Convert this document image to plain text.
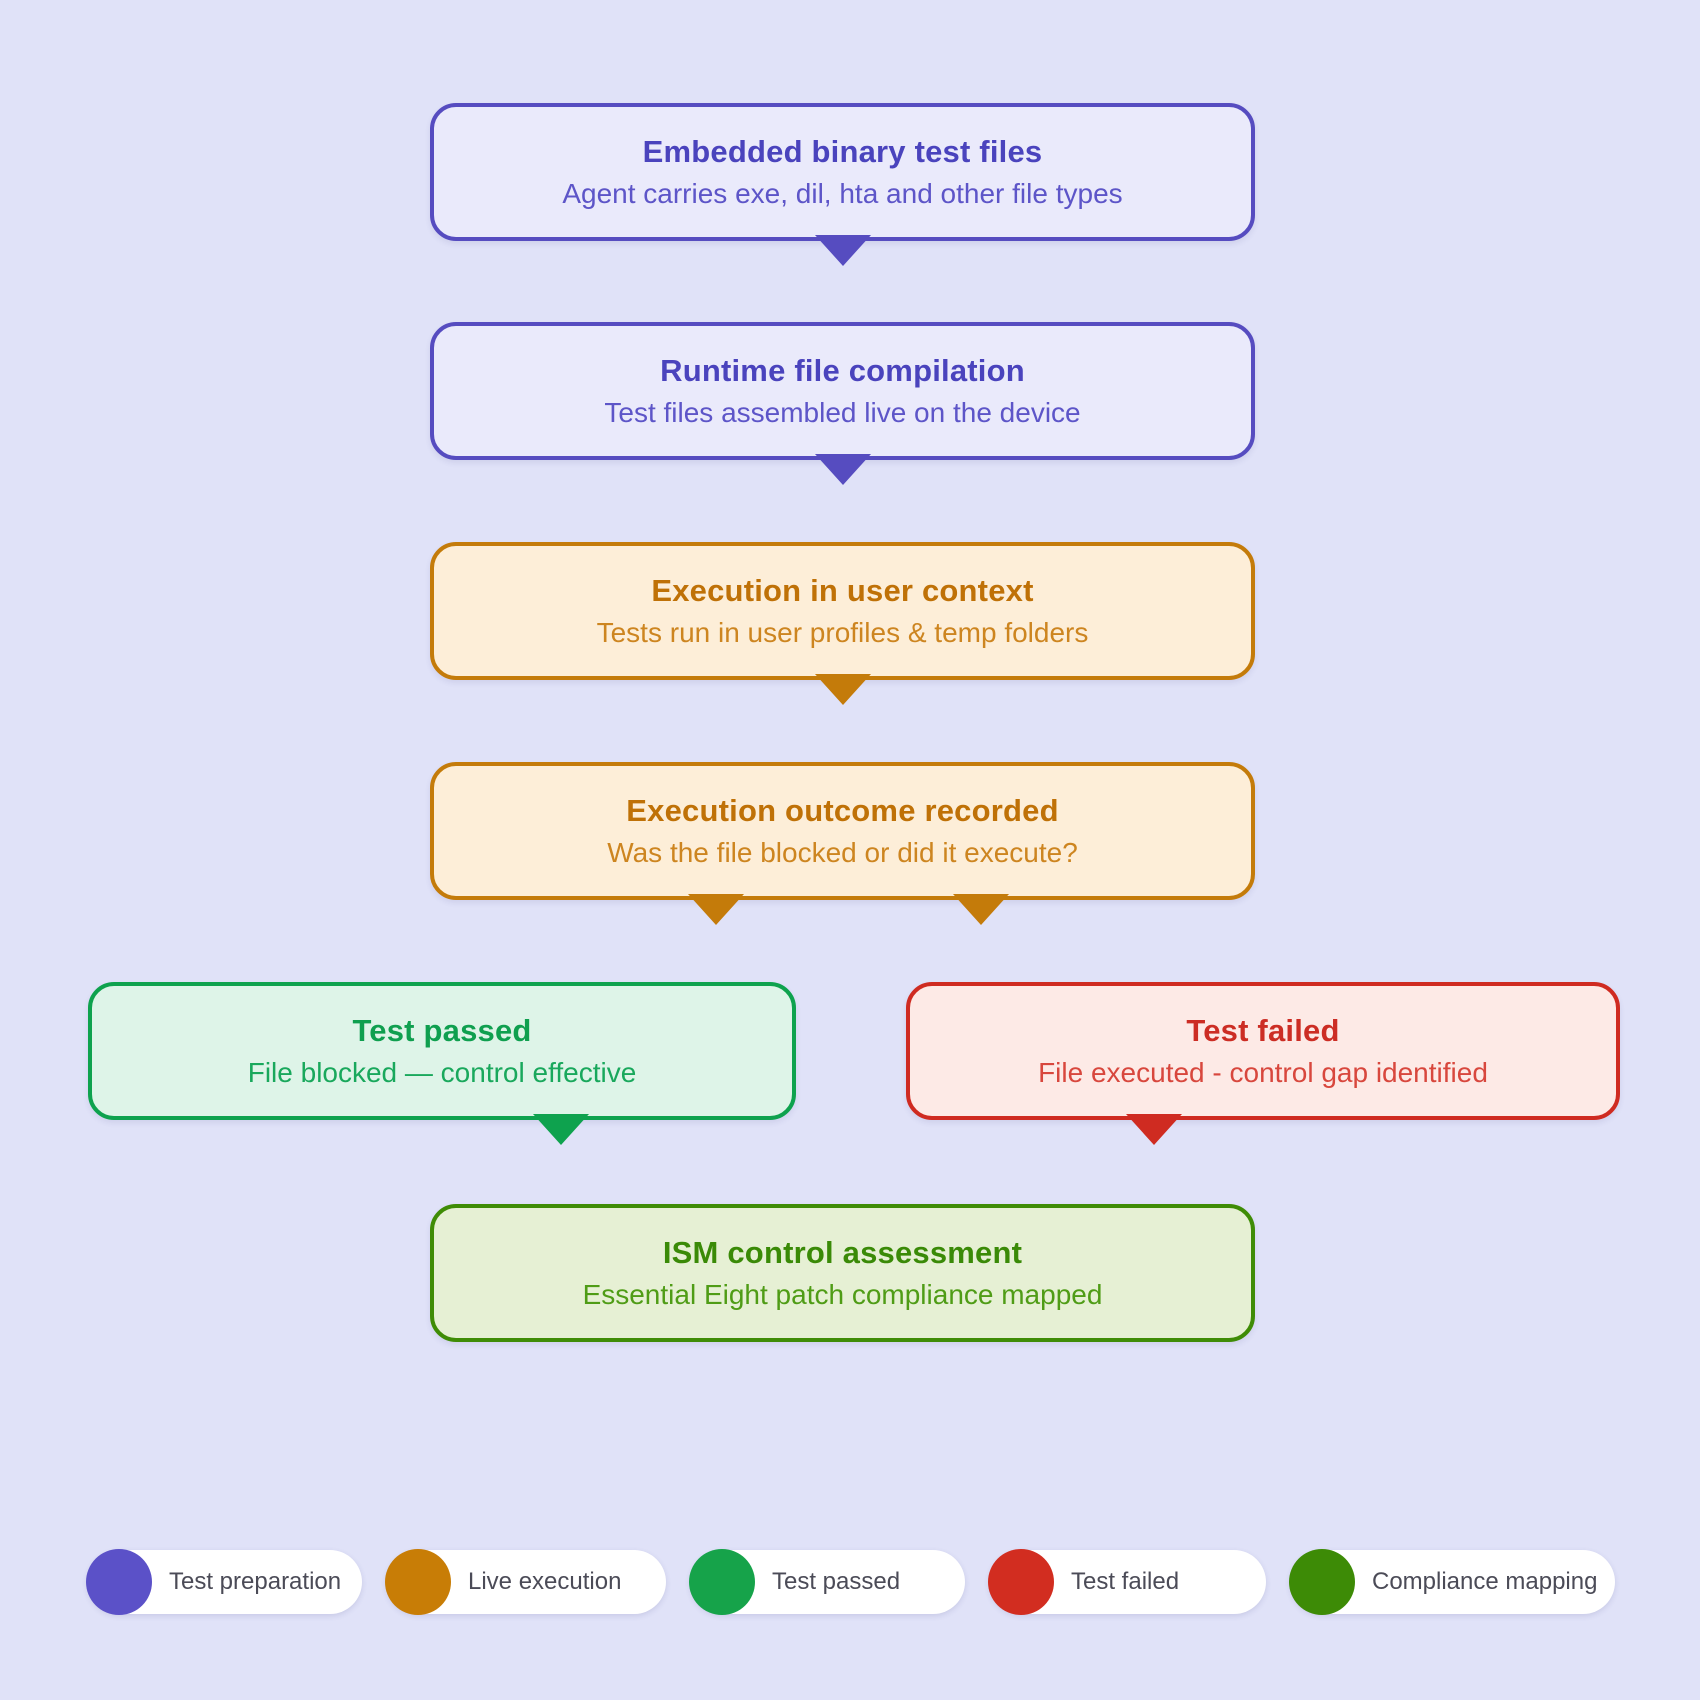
Embedded binary test files

Agent carries exe, dil, hta and other file types

Runtime file compilation

Test files assembled live on the device

Execution in user context

Tests run in user profiles & temp folders

Execution outcome recorded

Was the file blocked or did it execute?

Test passed

File blocked — control effective

Test failed

File executed - control gap identified

ISM control assessment

Essential Eight patch compliance mapped

Test preparation	Live execution	Test passed	Test failed	Compliance mapping
